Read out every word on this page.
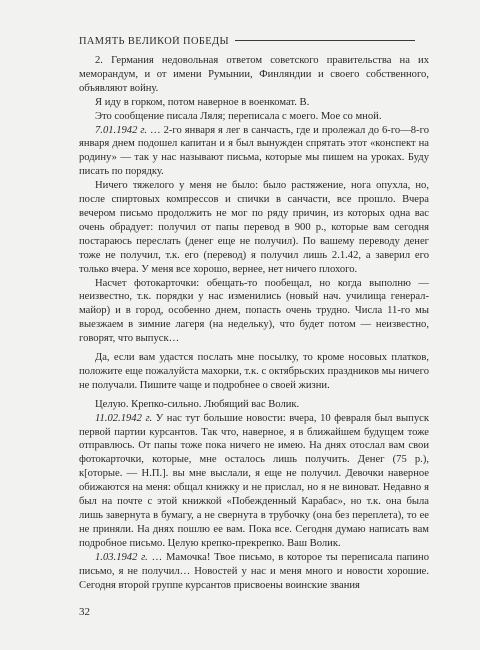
ПАМЯТЬ ВЕЛИКОЙ ПОБЕДЫ

2. Германия недовольная ответом советского правительства на их меморандум, и от имени Румынии, Финляндии и своего собственного, объявляют войну.

Я иду в горком, потом наверное в военкомат. В.

Это сообщение писала Ляля; переписала с моего. Мое со мной.

7.01.1942 г. … 2-го января я лег в санчасть, где и пролежал до 6-го—8-го января днем подошел капитан и я был вынужден спрятать этот «конспект на родину» — так у нас называют письма, которые мы пишем на уроках. Буду писать по порядку.

Ничего тяжелого у меня не было: было растяжение, нога опухла, но, после спиртовых компрессов и спички в санчасти, все прошло. Вчера вечером письмо продолжить не мог по ряду причин, из которых одна вас очень обрадует: получил от папы перевод в 900 р., которые вам сегодня постараюсь переслать (денег еще не получил). По вашему переводу денег тоже не получил, т.к. его (перевод) я получил лишь 2.1.42, а заверил его только вчера. У меня все хорошо, вернее, нет ничего плохого.

Насчет фотокарточки: обещать-то пообещал, но когда выполню — неизвестно, т.к. порядки у нас изменились (новый нач. училища генерал-майор) и в город, особенно днем, попасть очень трудно. Числа 11-го мы выезжаем в зимние лагеря (на недельку), что будет потом — неизвестно, говорят, что выпуск…

Да, если вам удастся послать мне посылку, то кроме носовых платков, положите еще пожалуйста махорки, т.к. с октябрьских праздников мы ничего не получали. Пишите чаще и подробнее о своей жизни.

Целую. Крепко-сильно. Любящий вас Волик.

11.02.1942 г. У нас тут большие новости: вчера, 10 февраля был выпуск первой партии курсантов. Так что, наверное, я в ближайшем будущем тоже отправлюсь. От папы тоже пока ничего не имею. На днях отослал вам свои фотокарточки, которые, мне осталось лишь получить. Денег (75 р.), к[оторые. — Н.П.]. вы мне выслали, я еще не получил. Девочки наверное обижаются на меня: общал книжку и не прислал, но я не виноват. Недавно я был на почте с этой книжкой «Побежденный Карабас», но т.к. она была лишь завернута в бумагу, а не свернута в трубочку (она без переплета), то ее не приняли. На днях пошлю ее вам. Пока все. Сегодня думаю написать вам подробное письмо. Целую крепко-прекрепко. Ваш Волик.

1.03.1942 г. … Мамочка! Твое письмо, в которое ты переписала папино письмо, я не получил… Новостей у нас и меня много и новости хорошие. Сегодня второй группе курсантов присвоены воинские звания

32
